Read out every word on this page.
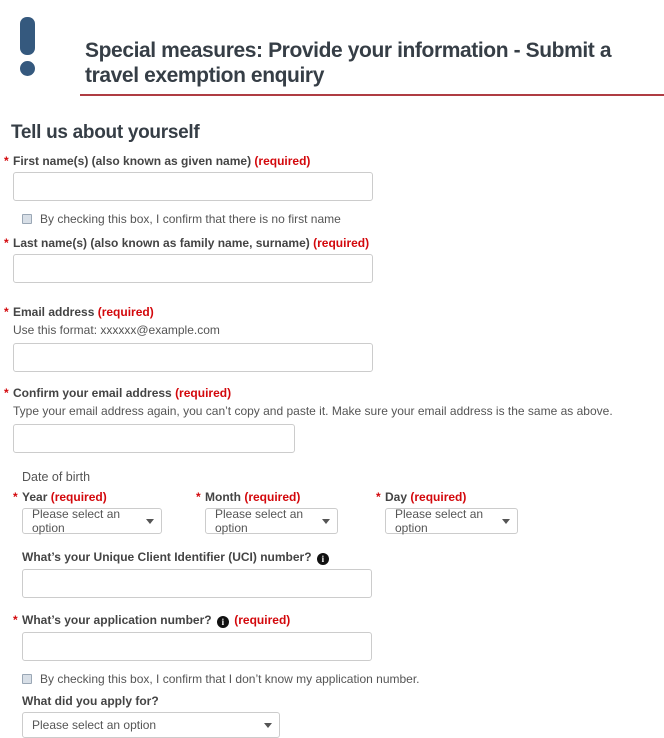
Special measures: Provide your information - Submit a travel exemption enquiry
Tell us about yourself
* First name(s) (also known as given name) (required)
By checking this box, I confirm that there is no first name
* Last name(s) (also known as family name, surname) (required)
* Email address (required)
Use this format: xxxxxx@example.com
* Confirm your email address (required)
Type your email address again, you can’t copy and paste it. Make sure your email address is the same as above.
Date of birth
* Year (required)
Please select an option
* Month (required)
Please select an option
* Day (required)
Please select an option
What’s your Unique Client Identifier (UCI) number? i
* What’s your application number? i (required)
By checking this box, I confirm that I don’t know my application number.
What did you apply for?
Please select an option
